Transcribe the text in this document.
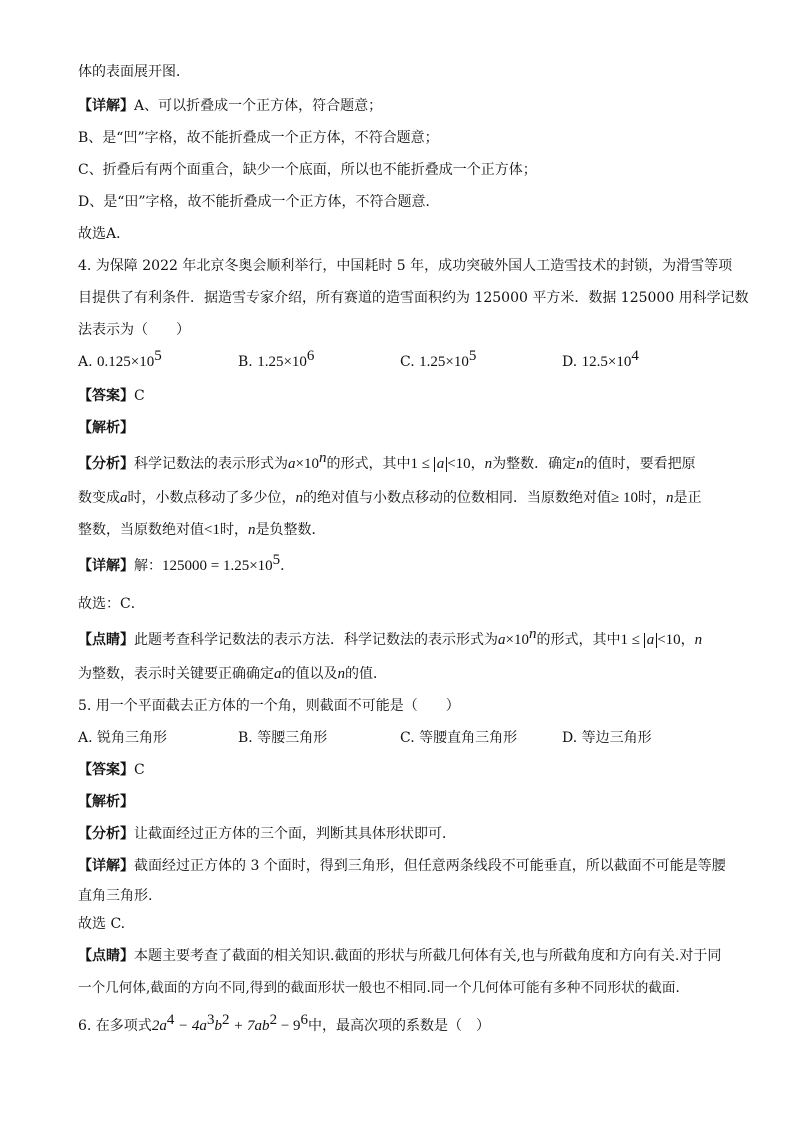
体的表面展开图．
【详解】A、可以折叠成一个正方体，符合题意；
B、是“凹”字格，故不能折叠成一个正方体，不符合题意；
C、折叠后有两个面重合，缺少一个底面，所以也不能折叠成一个正方体；
D、是“田”字格，故不能折叠成一个正方体，不符合题意．
故选A．
4. 为保障 2022 年北京冬奥会顺利举行，中国耗时 5 年，成功突破外国人工造雪技术的封锁，为滑雪等项
目提供了有利条件．据造雪专家介绍，所有赛道的造雪面积约为 125000 平方米．数据 125000 用科学记数
法表示为（　　）
A. $0.125\times 10^5$	B. $1.25\times 10^6$	C. $1.25\times 10^5$	D. $12.5\times 10^4$
【答案】C
【解析】
【分析】科学记数法的表示形式为$a\times 10^n$的形式，其中1 ≤ a <10，n为整数．确定n的值时，要看把原
数变成a时，小数点移动了多少位，n的绝对值与小数点移动的位数相同．当原数绝对值≥ 10时，n是正
整数，当原数绝对值<1时，n是负整数．
【详解】解：$125000 = 1.25\times 10^5$．
故选：C．
【点睛】此题考查科学记数法的表示方法．科学记数法的表示形式为$a\times 10^n$的形式，其中1 ≤ a <10，n
为整数，表示时关键要正确确定a的值以及n的值．
5. 用一个平面截去正方体的一个角，则截面不可能是（　　）
A. 锐角三角形	B. 等腰三角形	C. 等腰直角三角形	D. 等边三角形
【答案】C
【解析】
【分析】让截面经过正方体的三个面，判断其具体形状即可．
【详解】截面经过正方体的 3 个面时，得到三角形，但任意两条线段不可能垂直，所以截面不可能是等腰
直角三角形.
故选 C.
【点睛】本题主要考查了截面的相关知识.截面的形状与所截几何体有关,也与所截角度和方向有关.对于同
一个几何体,截面的方向不同,得到的截面形状一般也不相同.同一个几何体可能有多种不同形状的截面.
6. 在多项式$2a^4 - 4a^3b^2 + 7ab^2 - 9^6$中，最高次项的系数是（　）
